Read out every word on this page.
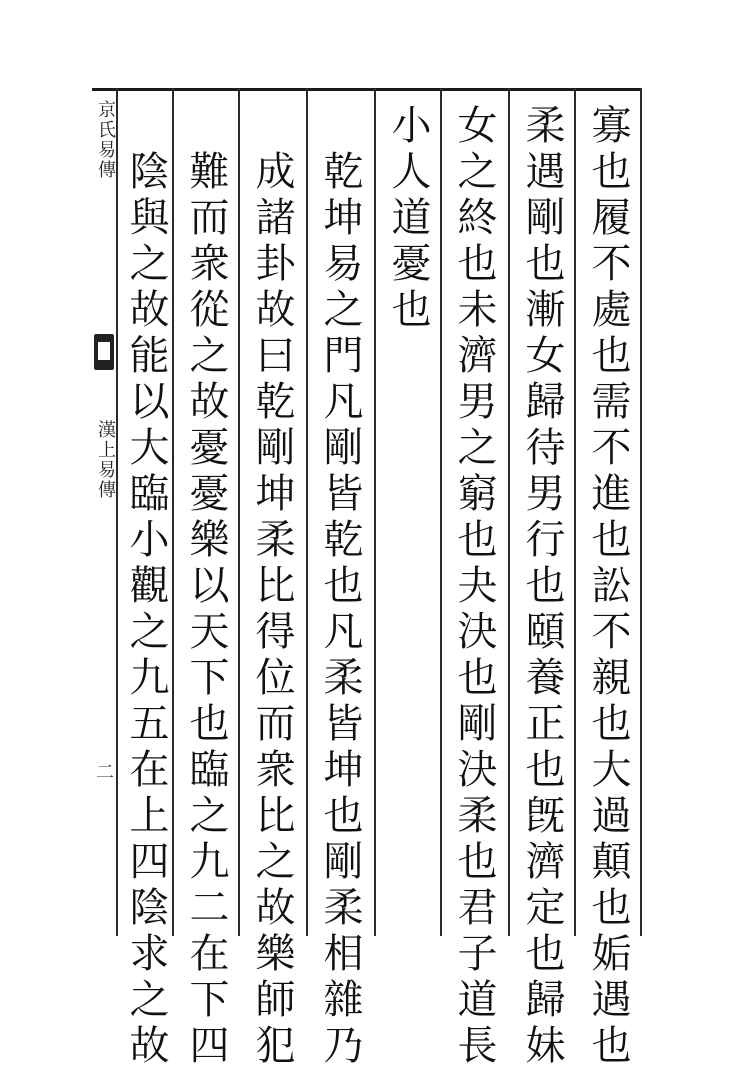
京氏易傳
漢上易傳
二	寡也履不處也需不進也訟不親也大過顛也姤遇也
柔遇剛也漸女歸待男行也頤養正也旣濟定也歸妹
女之終也未濟男之窮也夬決也剛決柔也君子道長
小人道憂也
乾坤易之門凡剛皆乾也凡柔皆坤也剛柔相雜乃
成諸卦故曰乾剛坤柔比得位而衆比之故樂師犯
難而衆從之故憂憂樂以天下也臨之九二在下四
陰與之故能以大臨小觀之九五在上四陰求之故
